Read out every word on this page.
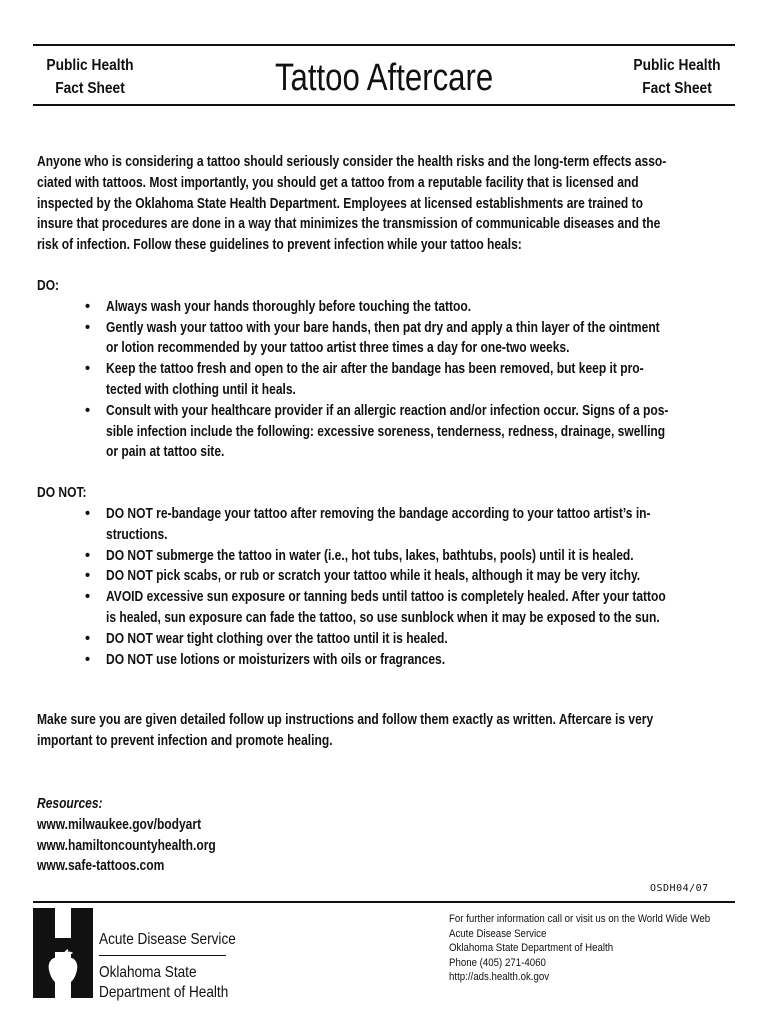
Public Health
Fact Sheet	Tattoo Aftercare	Public Health
Fact Sheet
Anyone who is considering a tattoo should seriously consider the health risks and the long-term effects asso-
ciated with tattoos. Most importantly, you should get a tattoo from a reputable facility that is licensed and
inspected by the Oklahoma State Health Department. Employees at licensed establishments are trained to
insure that procedures are done in a way that minimizes the transmission of communicable diseases and the
risk of infection. Follow these guidelines to prevent infection while your tattoo heals:
DO:
• Always wash your hands thoroughly before touching the tattoo.
• Gently wash your tattoo with your bare hands, then pat dry and apply a thin layer of the ointment
or lotion recommended by your tattoo artist three times a day for one-two weeks.
• Keep the tattoo fresh and open to the air after the bandage has been removed, but keep it pro-
tected with clothing until it heals.
• Consult with your healthcare provider if an allergic reaction and/or infection occur. Signs of a pos-
sible infection include the following: excessive soreness, tenderness, redness, drainage, swelling
or pain at tattoo site.
DO NOT:
• DO NOT re-bandage your tattoo after removing the bandage according to your tattoo artist’s in-
structions.
• DO NOT submerge the tattoo in water (i.e., hot tubs, lakes, bathtubs, pools) until it is healed.
• DO NOT pick scabs, or rub or scratch your tattoo while it heals, although it may be very itchy.
• AVOID excessive sun exposure or tanning beds until tattoo is completely healed. After your tattoo
is healed, sun exposure can fade the tattoo, so use sunblock when it may be exposed to the sun.
• DO NOT wear tight clothing over the tattoo until it is healed.
• DO NOT use lotions or moisturizers with oils or fragrances.
Make sure you are given detailed follow up instructions and follow them exactly as written. Aftercare is very
important to prevent infection and promote healing.
Resources:
www.milwaukee.gov/bodyart
www.hamiltoncountyhealth.org
www.safe-tattoos.com
OSDH04/07
Acute Disease Service
Oklahoma State
Department of Health
For further information call or visit us on the World Wide Web
Acute Disease Service
Oklahoma State Department of Health
Phone (405) 271-4060
http://ads.health.ok.gov
